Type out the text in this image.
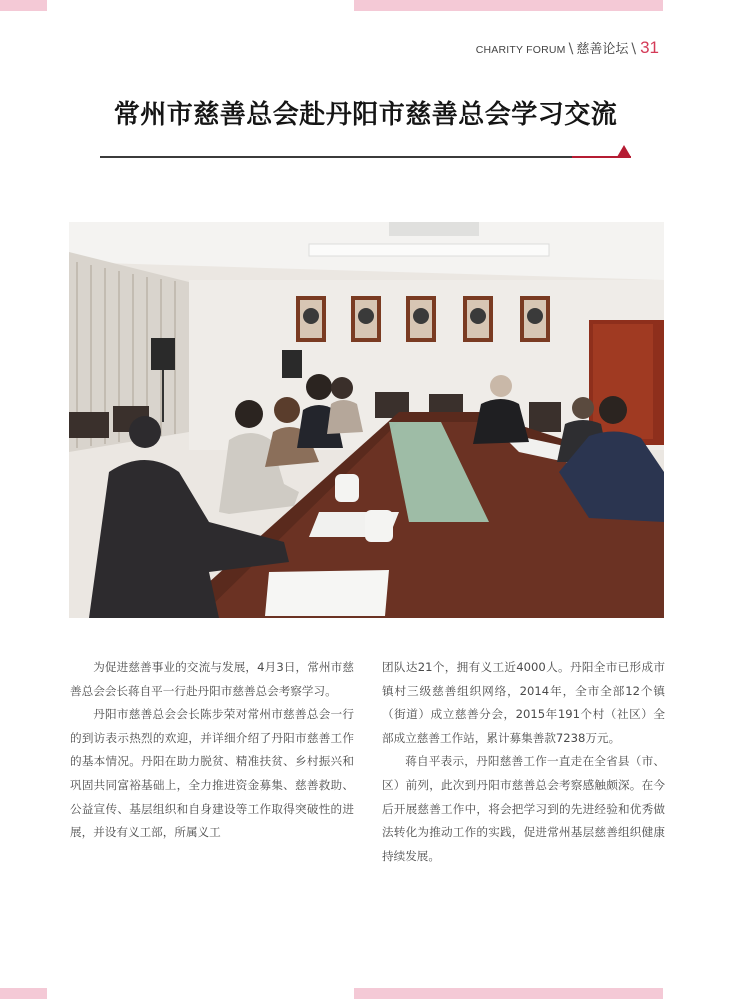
CHARITY FORUM \ 慈善论坛 \ 31
常州市慈善总会赴丹阳市慈善总会学习交流

为促进慈善事业的交流与发展，4月3日，常州市慈善总会会长蒋自平一行赴丹阳市慈善总会考察学习。

丹阳市慈善总会会长陈步荣对常州市慈善总会一行的到访表示热烈的欢迎，并详细介绍了丹阳市慈善工作的基本情况。丹阳在助力脱贫、精准扶贫、乡村振兴和巩固共同富裕基础上，全力推进资金募集、慈善救助、公益宣传、基层组织和自身建设等工作取得突破性的进展，并设有义工部，所属义工

团队达21个，拥有义工近4000人。丹阳全市已形成市镇村三级慈善组织网络，2014年，全市全部12个镇（街道）成立慈善分会，2015年191个村（社区）全部成立慈善工作站，累计募集善款7238万元。

蒋自平表示，丹阳慈善工作一直走在全省县（市、区）前列，此次到丹阳市慈善总会考察感触颇深。在今后开展慈善工作中，将会把学习到的先进经验和优秀做法转化为推动工作的实践，促进常州基层慈善组织健康持续发展。
